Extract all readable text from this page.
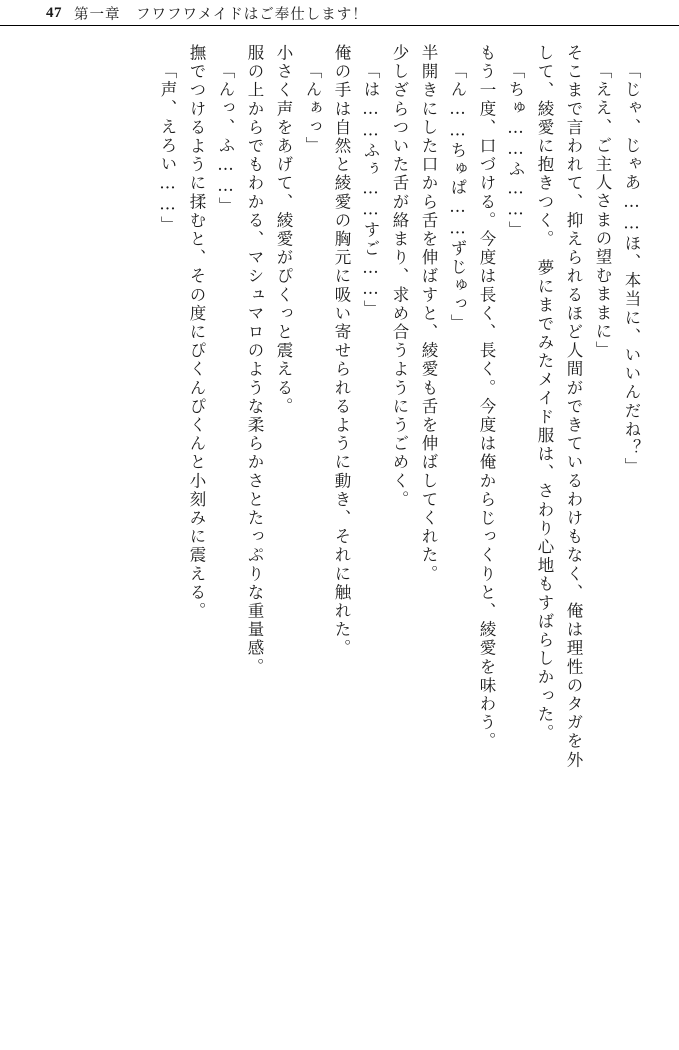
47 第一章　フワフワメイドはご奉仕します！
「じゃ、じゃあ……ほ、本当に、いいんだね？」
「ええ、ご主人さまの望むままに」
そこまで言われて、抑えられるほど人間ができているわけもなく、俺は理性のタガを外
して、綾愛に抱きつく。　夢にまでみたメイド服は、さわり心地もすばらしかった。
「ちゅ……ふ……」
もう一度、口づける。今度は長く、長く。今度は俺からじっくりと、綾愛を味わう。
「ん……ちゅぱ……ずじゅっ」
半開きにした口から舌を伸ばすと、綾愛も舌を伸ばしてくれた。
少しざらついた舌が絡まり、求め合うようにうごめく。
「は……ふぅ……すご……」
俺の手は自然と綾愛の胸元に吸い寄せられるように動き、それに触れた。
「んぁっ」
小さく声をあげて、綾愛がぴくっと震える。
服の上からでもわかる、マシュマロのような柔らかさとたっぷりな重量感。
「んっ、ふ……」
撫でつけるように揉むと、その度にぴくんぴくんと小刻みに震える。
「声、えろい……」
